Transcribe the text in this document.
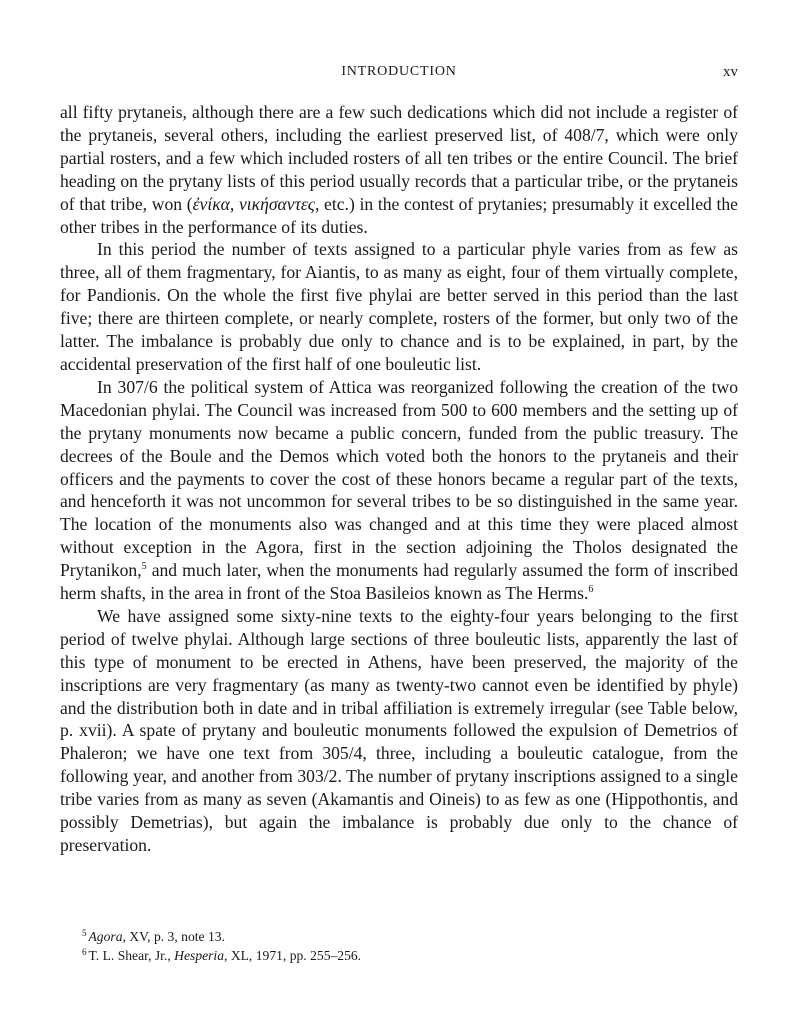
INTRODUCTION	xv

all fifty prytaneis, although there are a few such dedications which did not include a register of the prytaneis, several others, including the earliest preserved list, of 408/7, which were only partial rosters, and a few which included rosters of all ten tribes or the entire Council. The brief heading on the prytany lists of this period usually records that a particular tribe, or the prytaneis of that tribe, won (ἐνίκα, νικήσαντες, etc.) in the contest of prytanies; presumably it excelled the other tribes in the performance of its duties.

In this period the number of texts assigned to a particular phyle varies from as few as three, all of them fragmentary, for Aiantis, to as many as eight, four of them virtually complete, for Pandionis. On the whole the first five phylai are better served in this period than the last five; there are thirteen complete, or nearly complete, rosters of the former, but only two of the latter. The imbalance is probably due only to chance and is to be explained, in part, by the accidental preservation of the first half of one bouleutic list.

In 307/6 the political system of Attica was reorganized following the creation of the two Macedonian phylai. The Council was increased from 500 to 600 members and the setting up of the prytany monuments now became a public concern, funded from the public treasury. The decrees of the Boule and the Demos which voted both the honors to the prytaneis and their officers and the payments to cover the cost of these honors became a regular part of the texts, and henceforth it was not uncommon for several tribes to be so distinguished in the same year. The location of the monuments also was changed and at this time they were placed almost without exception in the Agora, first in the section adjoining the Tholos designated the Prytanikon,$^5$ and much later, when the monuments had regularly assumed the form of inscribed herm shafts, in the area in front of the Stoa Basileios known as The Herms.$^6$

We have assigned some sixty-nine texts to the eighty-four years belonging to the first period of twelve phylai. Although large sections of three bouleutic lists, apparently the last of this type of monument to be erected in Athens, have been preserved, the majority of the inscriptions are very fragmentary (as many as twenty-two cannot even be identified by phyle) and the distribution both in date and in tribal affiliation is extremely irregular (see Table below, p. xvii). A spate of prytany and bouleutic monuments followed the expulsion of Demetrios of Phaleron; we have one text from 305/4, three, including a bouleutic catalogue, from the following year, and another from 303/2. The number of prytany inscriptions assigned to a single tribe varies from as many as seven (Akamantis and Oineis) to as few as one (Hippothontis, and possibly Demetrias), but again the imbalance is probably due only to the chance of preservation.

$^5$ Agora, XV, p. 3, note 13.
$^6$ T. L. Shear, Jr., Hesperia, XL, 1971, pp. 255–256.
